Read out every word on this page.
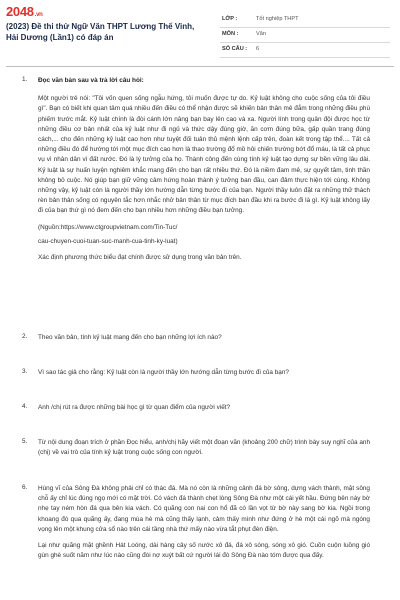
2048.vn
(2023) Đề thi thử Ngữ Văn THPT Lương Thế Vinh, Hải Dương (Lần1) có đáp án
LỚP :	Tốt nghiệp THPT
MÔN :	Văn
SỐ CÂU : 6
1. Đọc văn bản sau và trả lời câu hỏi:

Một người trẻ nói: "Tôi vốn quen sống ngẫu hứng, tôi muốn được tự do. Kỷ luật không cho cuộc sống của tôi điều gì". Bạn có biết khi quan tâm quá nhiều đến điều có thể nhận được sẽ khiến bản thân mê đắm trong những điều phù phiếm trước mắt. Kỷ luật chính là đòi cánh lớn nâng bạn bay lên cao và xa. Người lính trong quân đội được học từ những điều cơ bản nhất của kỷ luật như đi ngủ và thức dậy đúng giờ, ăn cơm đúng bữa, gấp quần trang đúng cách,... cho đến những kỷ luật cao hơn như tuyệt đối tuân thủ mệnh lệnh cấp trên, đoàn kết trong tập thể.... Tất cả những điều đó để hướng tới một mục đích cao hơn là thao trường đổ mồ hôi chiến trường bớt đổ máu, là tất cả phục vụ vì nhân dân vì đất nước. Đó là lý tưởng của họ. Thành công đến cùng tính kỷ luật tạo dựng sự bền vững lâu dài. Kỷ luật là sự huấn luyện nghiêm khắc mang đến cho bạn rất nhiều thứ. Đó là niềm đam mê, sự quyết tâm, tinh thần không bỏ cuộc. Nó giúp bạn giữ vững cảm hứng hoàn thành ý tưởng ban đầu, can đảm thực hiện tới cùng. Không những vậy, kỷ luật còn là người thầy lớn hướng dẫn từng bước đi của bạn. Người thầy luôn đặt ra những thử thách rèn bản thân sống có nguyên tắc hơn nhắc nhở bản thân từ mục đích ban đầu khi ra bước đi là gì. Kỷ luật không lấy đi của bạn thứ gì nó đem đến cho bạn nhiều hơn những điều bạn tưởng.

(Nguồn:https://www.ctgroupvietnam.com/Tin-Tuc/
cau-chuyen-cuoi-tuan-suc-manh-cua-tinh-ky-luat)
Xác định phương thức biểu đạt chính được sử dụng trong văn bản trên.
2. Theo văn bản, tính kỷ luật mang đến cho bạn những lợi ích nào?
3. Vì sao tác giả cho rằng: Kỷ luật còn là người thầy lớn hướng dẫn từng bước đi của bạn?
4. Anh /chị rút ra được những bài học gì từ quan điểm của người viết?
5. Từ nội dung đoạn trích ở phần Đọc hiểu, anh/chị hãy viết một đoạn văn (khoảng 200 chữ) trình bày suy nghĩ của anh (chị) về vai trò của tính kỷ luật trong cuộc sống con người.
6. Hùng vĩ của Sông Đà không phải chỉ có thác đá. Mà nó còn là những cảnh đá bờ sông, dựng vách thành, mặt sông chỗ ấy chỉ lúc đúng ngọ mới có mặt trời. Có vách đá thành chẹt lòng Sông Đà như một cái yết hầu. Đứng bên này bờ nhẹ tay ném hòn đá qua bên kia vách. Có quãng con nai con hổ đã có lần vọt từ bờ này sang bờ kia. Ngồi trong khoang đò qua quãng ấy, đang mùa hè mà cũng thấy lạnh, cảm thấy mình như đứng ở hè một cái ngõ mà ngóng vọng lên một khung cửa sổ nào trên cái tầng nhà thứ mấy nào vừa tắt phụt đèn điện.

Lại như quãng mặt ghềnh Hát Loóng, dài hàng cây số nước xô đá, đá xô sóng, sóng xô gió. Cuồn cuộn luồng gió gùn ghè suốt năm như lúc nào cũng đòi nợ xuýt bất cứ người lái đò Sông Đà nào tóm được qua đấy.
